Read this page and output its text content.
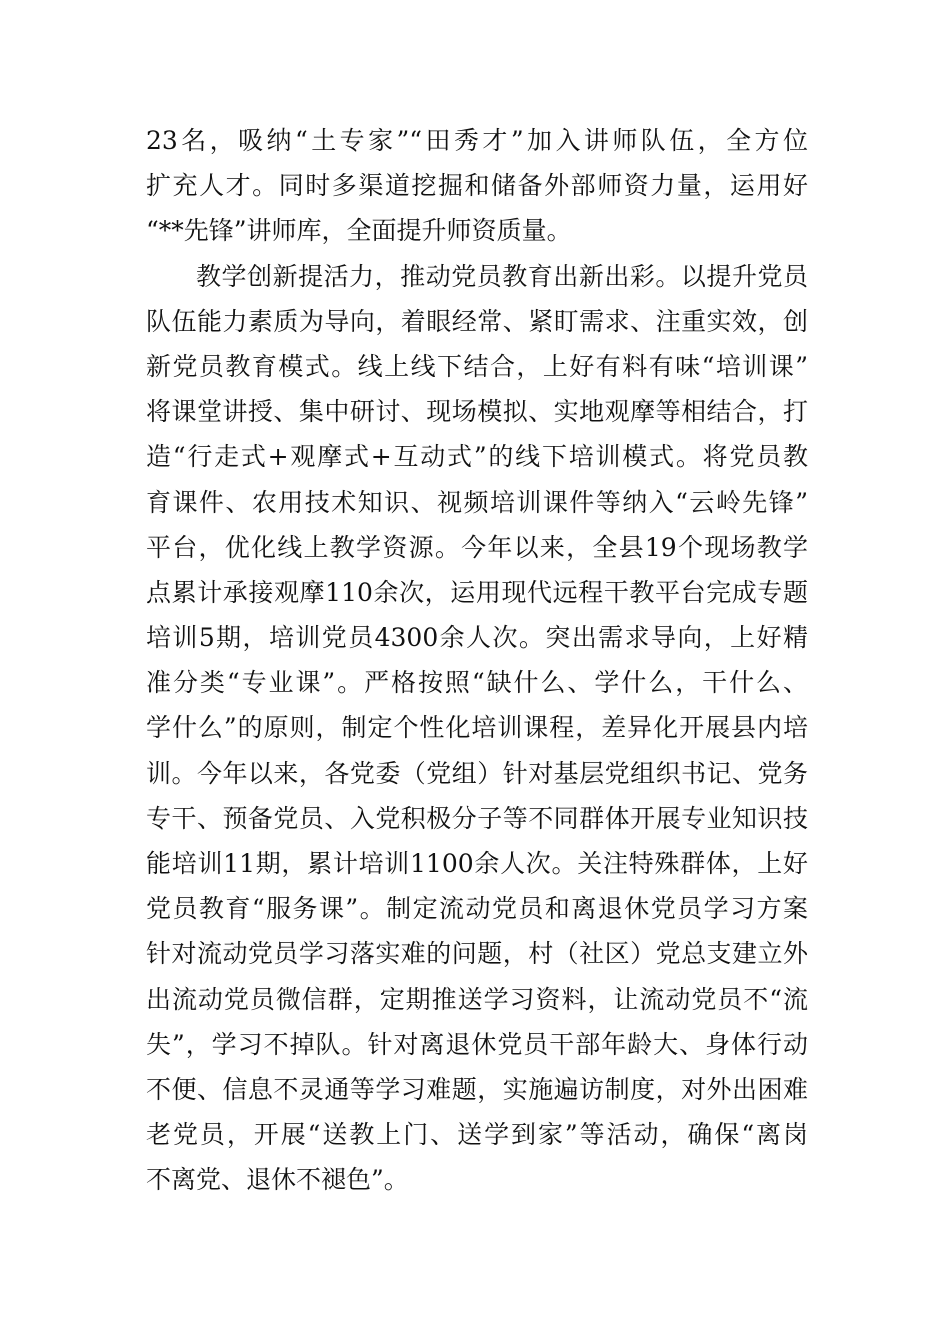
23名，吸纳“土专家”“田秀才”加入讲师队伍，全方位
扩充人才。同时多渠道挖掘和储备外部师资力量，运用好
“**先锋”讲师库，全面提升师资质量。
教学创新提活力，推动党员教育出新出彩。以提升党员
队伍能力素质为导向，着眼经常、紧盯需求、注重实效，创
新党员教育模式。线上线下结合，上好有料有味“培训课”
将课堂讲授、集中研讨、现场模拟、实地观摩等相结合，打
造“行走式+观摩式+互动式”的线下培训模式。将党员教
育课件、农用技术知识、视频培训课件等纳入“云岭先锋”
平台，优化线上教学资源。今年以来，全县19个现场教学
点累计承接观摩110余次，运用现代远程干教平台完成专题
培训5期，培训党员4300余人次。突出需求导向，上好精
准分类“专业课”。严格按照“缺什么、学什么，干什么、
学什么”的原则，制定个性化培训课程，差异化开展县内培
训。今年以来，各党委（党组）针对基层党组织书记、党务
专干、预备党员、入党积极分子等不同群体开展专业知识技
能培训11期，累计培训1100余人次。关注特殊群体，上好
党员教育“服务课”。制定流动党员和离退休党员学习方案
针对流动党员学习落实难的问题，村（社区）党总支建立外
出流动党员微信群，定期推送学习资料，让流动党员不“流
失”，学习不掉队。针对离退休党员干部年龄大、身体行动
不便、信息不灵通等学习难题，实施遍访制度，对外出困难
老党员，开展“送教上门、送学到家”等活动，确保“离岗
不离党、退休不褪色”。
